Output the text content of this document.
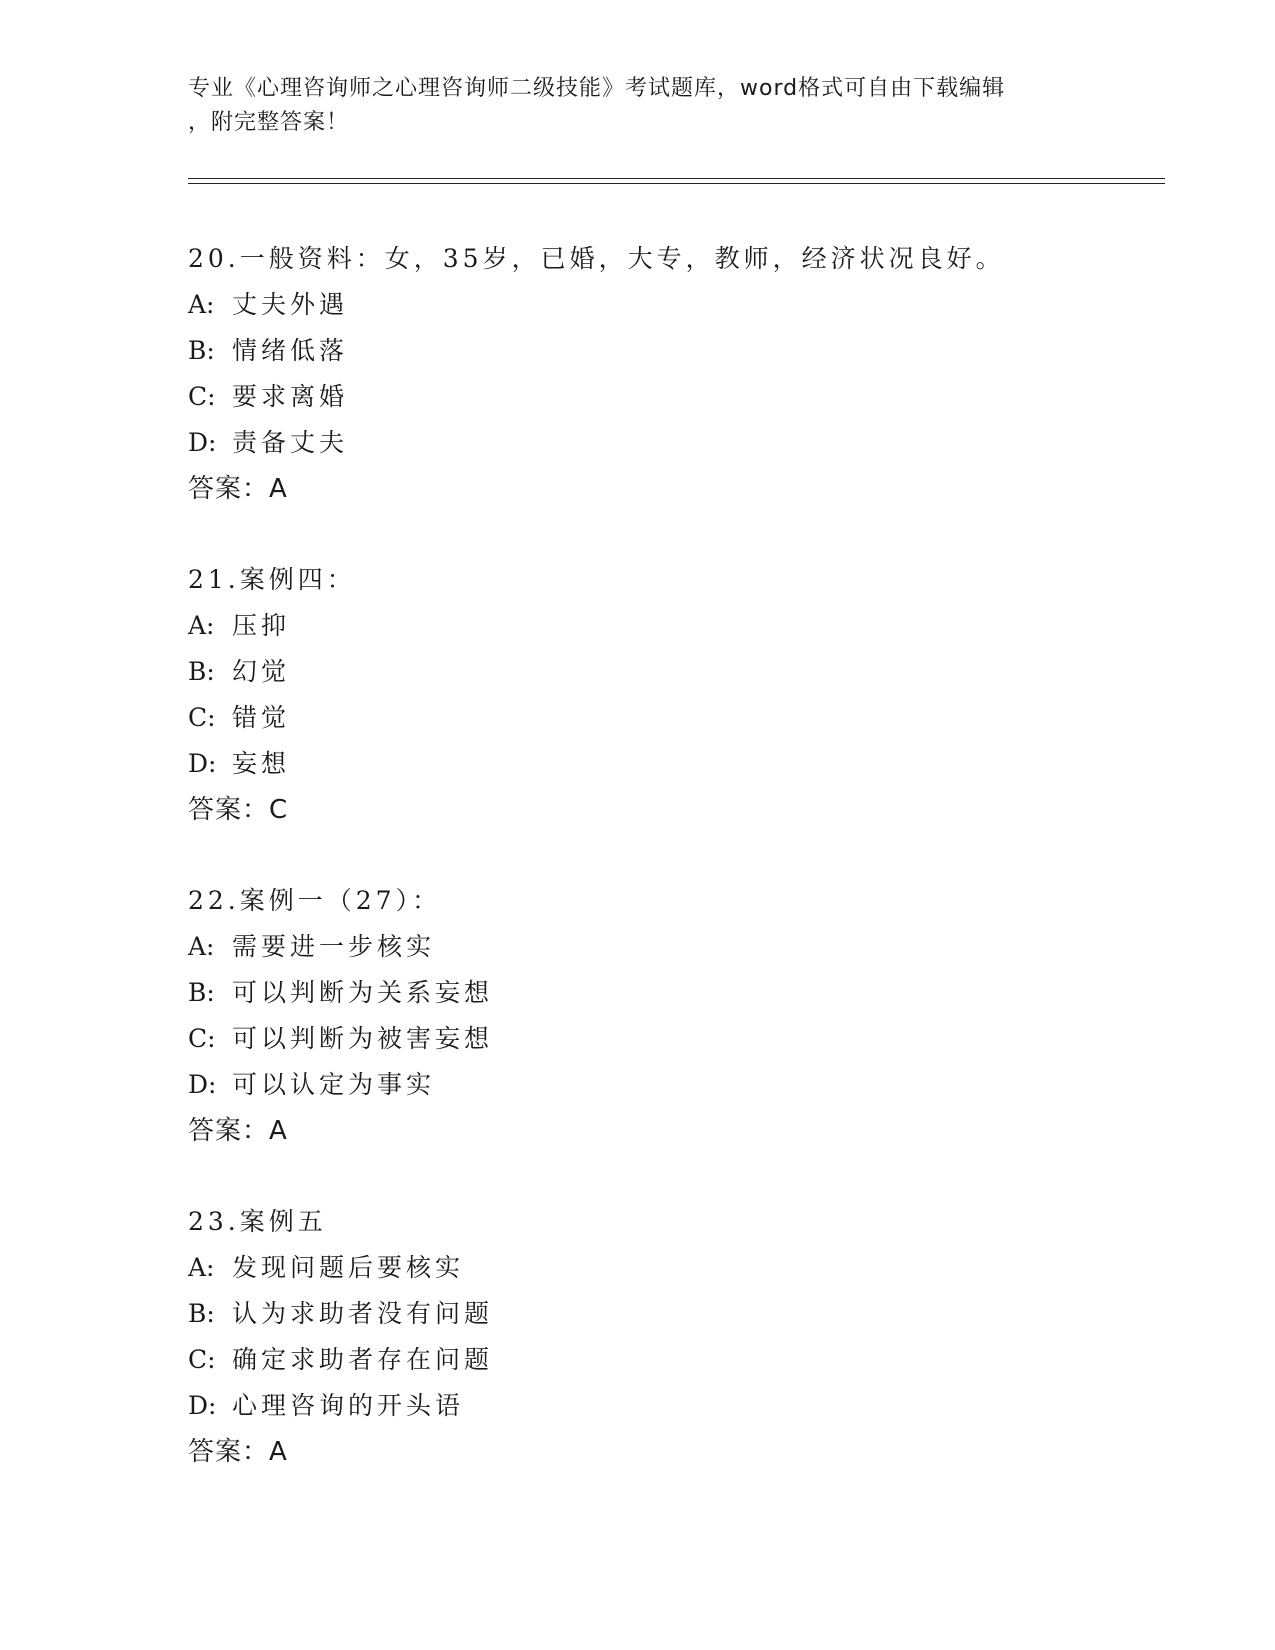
专业《心理咨询师之心理咨询师二级技能》考试题库，word格式可自由下载编辑
，附完整答案！
20.一般资料：女，35岁，已婚，大专，教师，经济状况良好。
A: 丈夫外遇
B: 情绪低落
C: 要求离婚
D: 责备丈夫
答案：A
21.案例四：
A: 压抑
B: 幻觉
C: 错觉
D: 妄想
答案：C
22.案例一（27）：
A: 需要进一步核实
B: 可以判断为关系妄想
C: 可以判断为被害妄想
D: 可以认定为事实
答案：A
23.案例五
A: 发现问题后要核实
B: 认为求助者没有问题
C: 确定求助者存在问题
D: 心理咨询的开头语
答案：A
